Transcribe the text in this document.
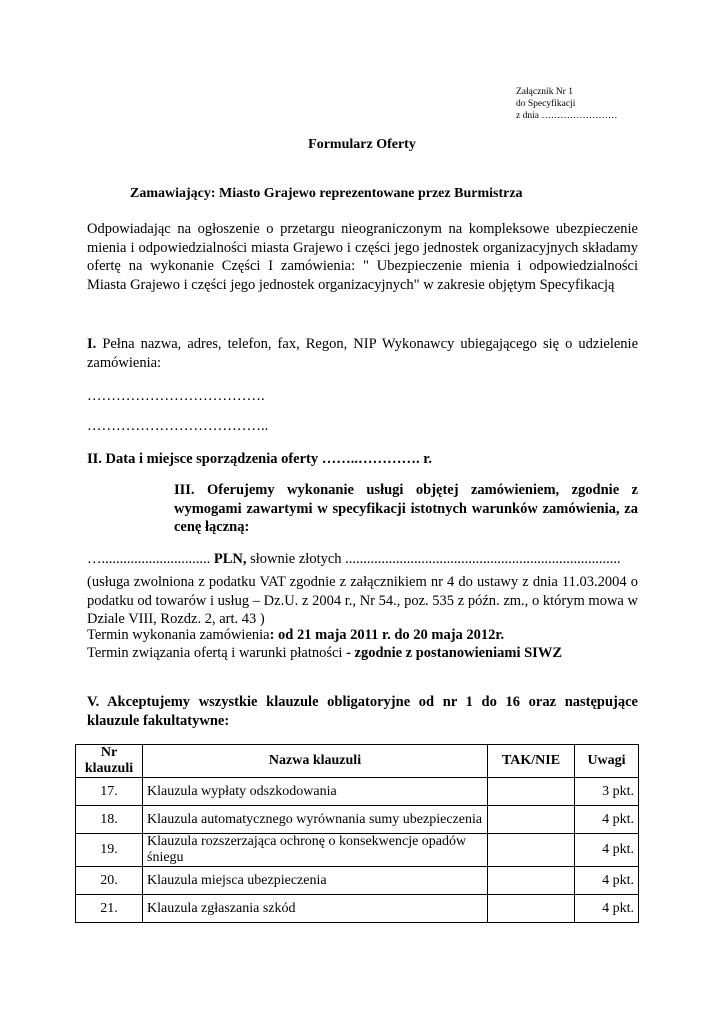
Załącznik Nr 1
do Specyfikacji
z dnia ……………………
Formularz Oferty
Zamawiający: Miasto Grajewo reprezentowane przez Burmistrza
Odpowiadając na ogłoszenie o przetargu nieograniczonym na kompleksowe ubezpieczenie mienia i odpowiedzialności miasta Grajewo i części jego jednostek organizacyjnych składamy ofertę na wykonanie Części I zamówienia: " Ubezpieczenie mienia i odpowiedzialności Miasta Grajewo i części jego jednostek organizacyjnych" w zakresie objętym Specyfikacją
I. Pełna nazwa, adres, telefon, fax, Regon, NIP Wykonawcy ubiegającego się o udzielenie zamówienia:
……………………………….
………………………………..
II. Data i miejsce sporządzenia oferty ……..…………. r.
III. Oferujemy wykonanie usługi objętej zamówieniem, zgodnie z wymogami zawartymi w specyfikacji istotnych warunków zamówienia, za cenę łączną:
….............................. PLN, słownie złotych ............................................................................
(usługa zwolniona z podatku VAT zgodnie z załącznikiem nr 4 do ustawy z dnia 11.03.2004 o podatku od towarów i usług – Dz.U. z 2004 r., Nr 54., poz. 535 z późn. zm., o którym mowa w Dziale VIII, Rozdz. 2, art. 43 )
Termin wykonania zamówienia: od 21 maja 2011 r. do 20 maja 2012r.
Termin związania ofertą i warunki płatności - zgodnie z postanowieniami SIWZ
V. Akceptujemy wszystkie klauzule obligatoryjne od nr 1 do 16 oraz następujące klauzule fakultatywne:
Nr
klauzuli	Nazwa klauzuli	TAK/NIE	Uwagi
17.	Klauzula wypłaty odszkodowania		3 pkt.
18.	Klauzula automatycznego wyrównania sumy ubezpieczenia		4 pkt.
19.	Klauzula rozszerzająca ochronę o konsekwencje opadów śniegu		4 pkt.
20.	Klauzula miejsca ubezpieczenia		4 pkt.
21.	Klauzula zgłaszania szkód		4 pkt.
